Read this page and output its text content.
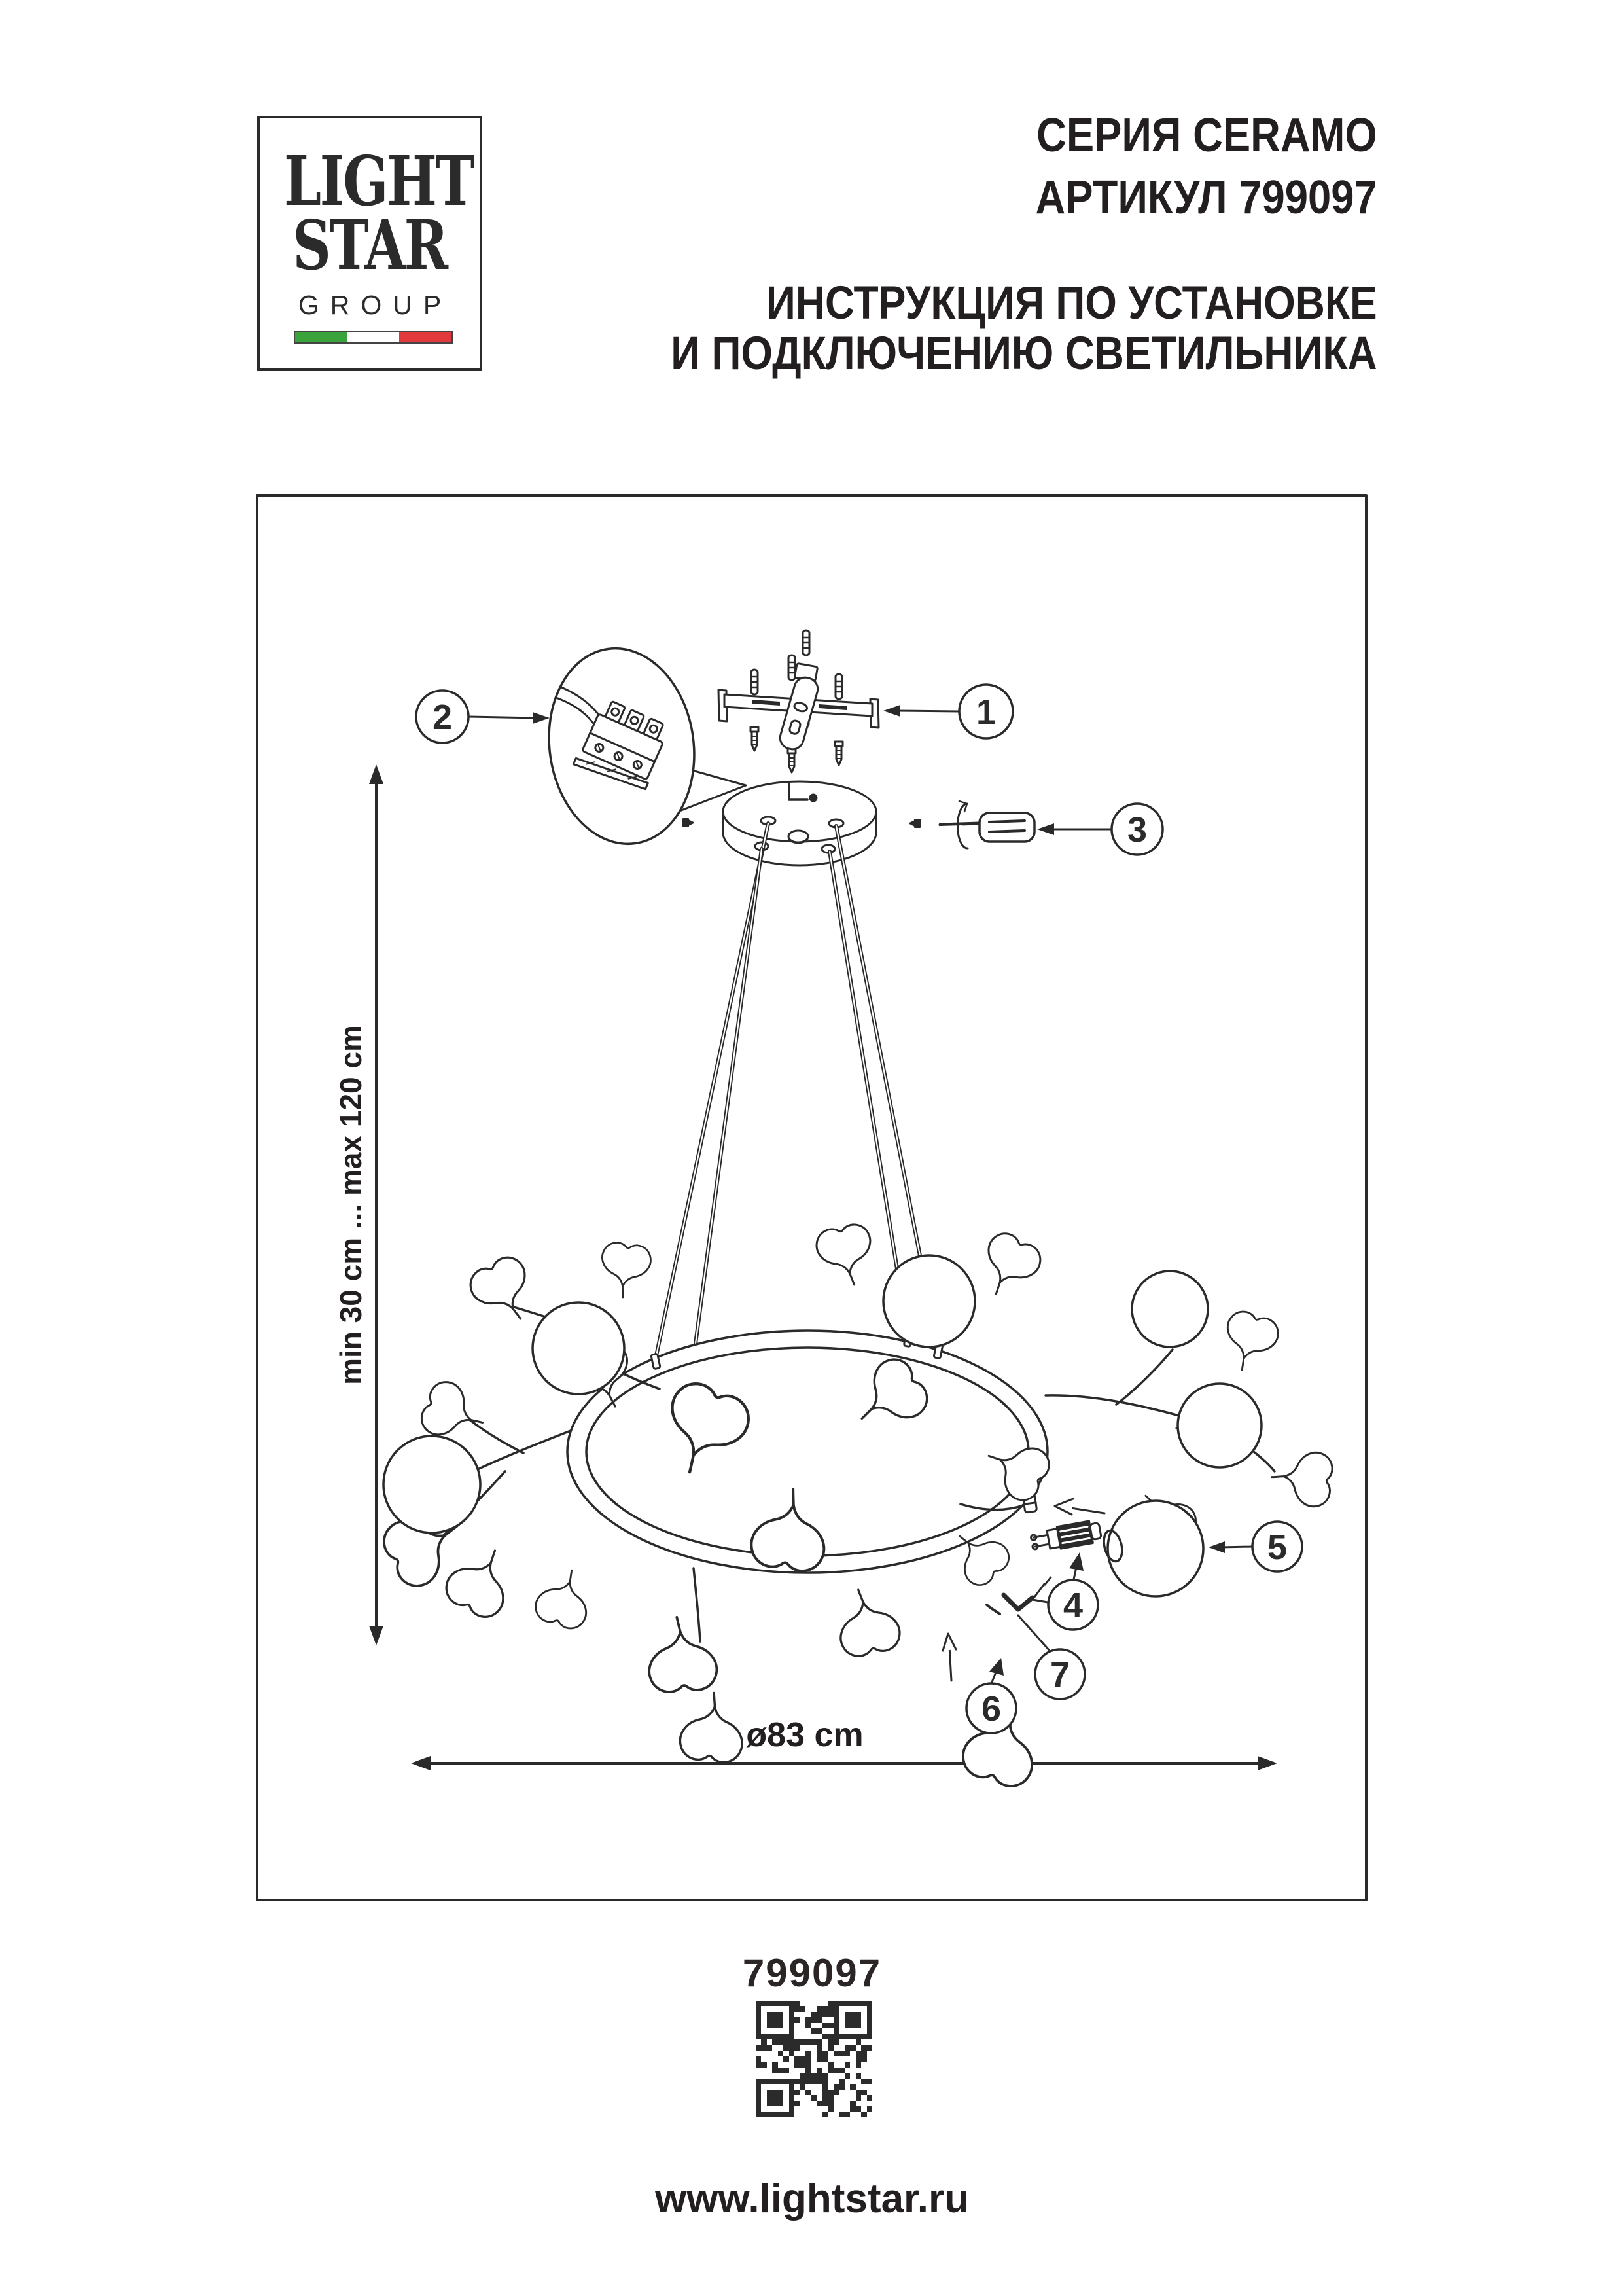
LIGHT
STAR
GROUP
СЕРИЯ CERAMO
АРТИКУЛ 799097
ИНСТРУКЦИЯ ПО УСТАНОВКЕ
И ПОДКЛЮЧЕНИЮ СВЕТИЛЬНИКА
min 30 cm ... max 120 cm
ø83 cm
1
2
3
4
5
6
7
799097
www.lightstar.ru
